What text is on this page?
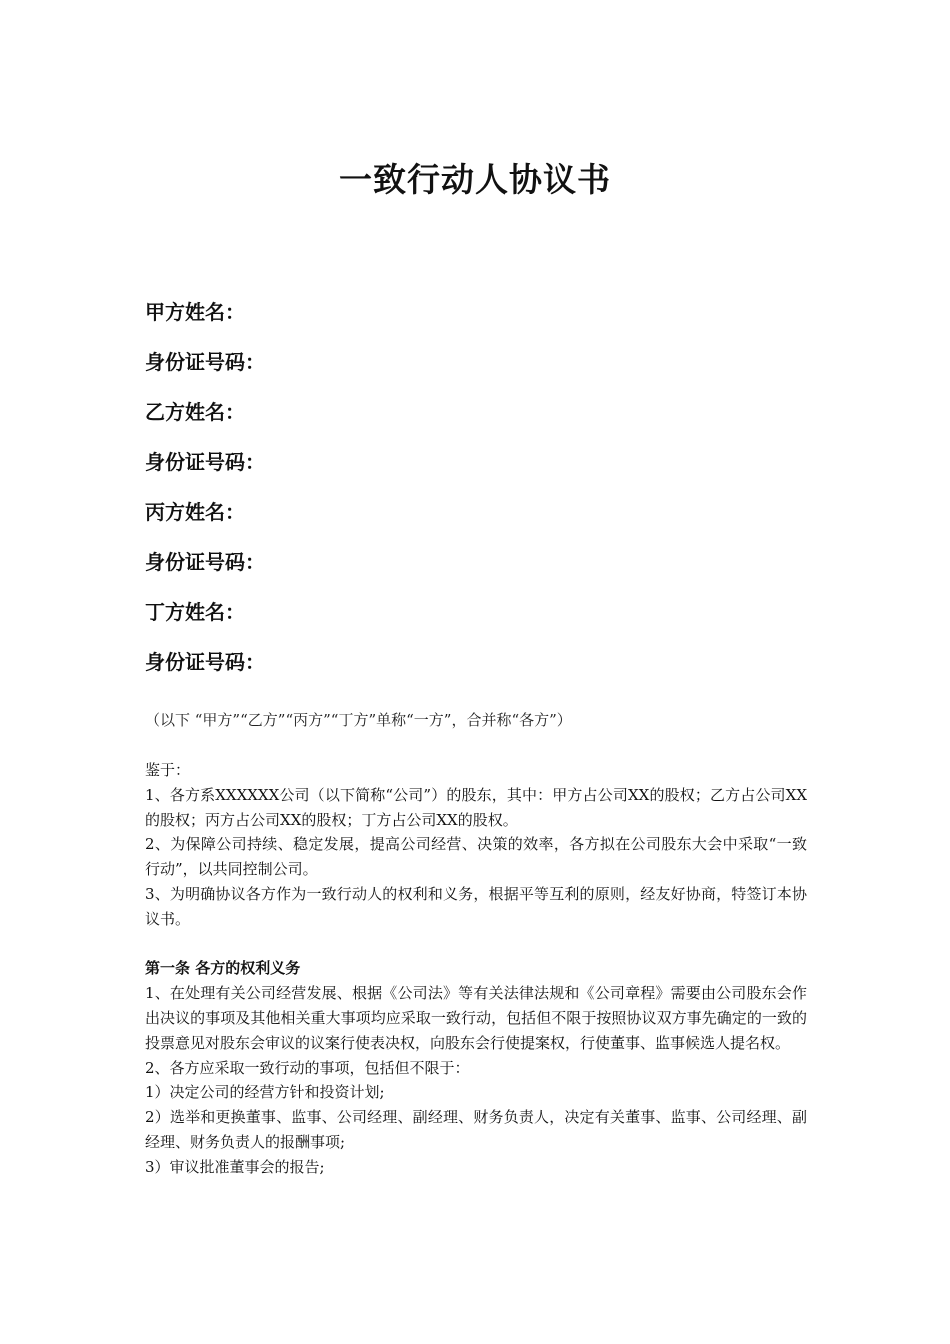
一致行动人协议书
甲方姓名：
身份证号码：
乙方姓名：
身份证号码：
丙方姓名：
身份证号码：
丁方姓名：
身份证号码：
（以下 “甲方”“乙方”“丙方”“丁方”单称“一方”，合并称“各方”）

鉴于：

1、各方系XXXXXX公司（以下简称“公司”）的股东，其中：甲方占公司XX的股权；乙方占公司XX的股权；丙方占公司XX的股权；丁方占公司XX的股权。

2、为保障公司持续、稳定发展，提高公司经营、决策的效率，各方拟在公司股东大会中采取“一致行动”，以共同控制公司。

3、为明确协议各方作为一致行动人的权利和义务，根据平等互利的原则，经友好协商，特签订本协议书。

第一条 各方的权利义务

1、在处理有关公司经营发展、根据《公司法》等有关法律法规和《公司章程》需要由公司股东会作出决议的事项及其他相关重大事项均应采取一致行动，包括但不限于按照协议双方事先确定的一致的投票意见对股东会审议的议案行使表决权，向股东会行使提案权，行使董事、监事候选人提名权。

2、各方应采取一致行动的事项，包括但不限于：

1）决定公司的经营方针和投资计划;

2）选举和更换董事、监事、公司经理、副经理、财务负责人，决定有关董事、监事、公司经理、副经理、财务负责人的报酬事项;

3）审议批准董事会的报告;
